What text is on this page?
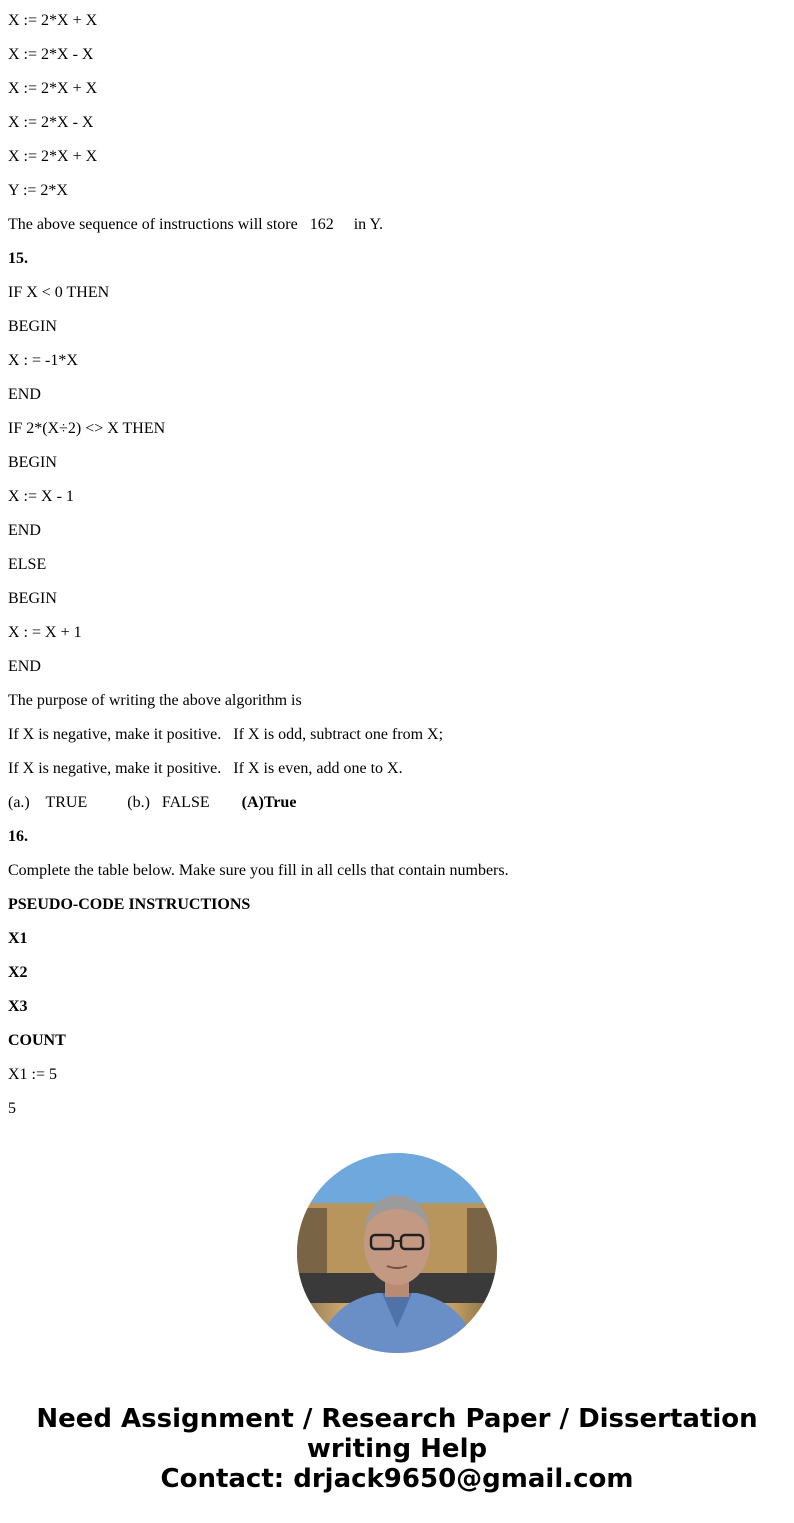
X := 2*X + X
X := 2*X - X
X := 2*X + X
X := 2*X - X
X := 2*X + X
Y := 2*X
The above sequence of instructions will store   162     in Y.
15.
IF X < 0 THEN
BEGIN
X : = -1*X
END
IF 2*(X÷2) <> X THEN
BEGIN
X := X - 1
END
ELSE
BEGIN
X : = X + 1
END
The purpose of writing the above algorithm is
If X is negative, make it positive.   If X is odd, subtract one from X;
If X is negative, make it positive.   If X is even, add one to X.
(a.)    TRUE	(b.)   FALSE (A)True
16.
Complete the table below. Make sure you fill in all cells that contain numbers.
PSEUDO-CODE INSTRUCTIONS
X1
X2
X3
COUNT
X1 := 5
5
Need Assignment / Research Paper / Dissertation
writing Help
Contact: drjack9650@gmail.com
